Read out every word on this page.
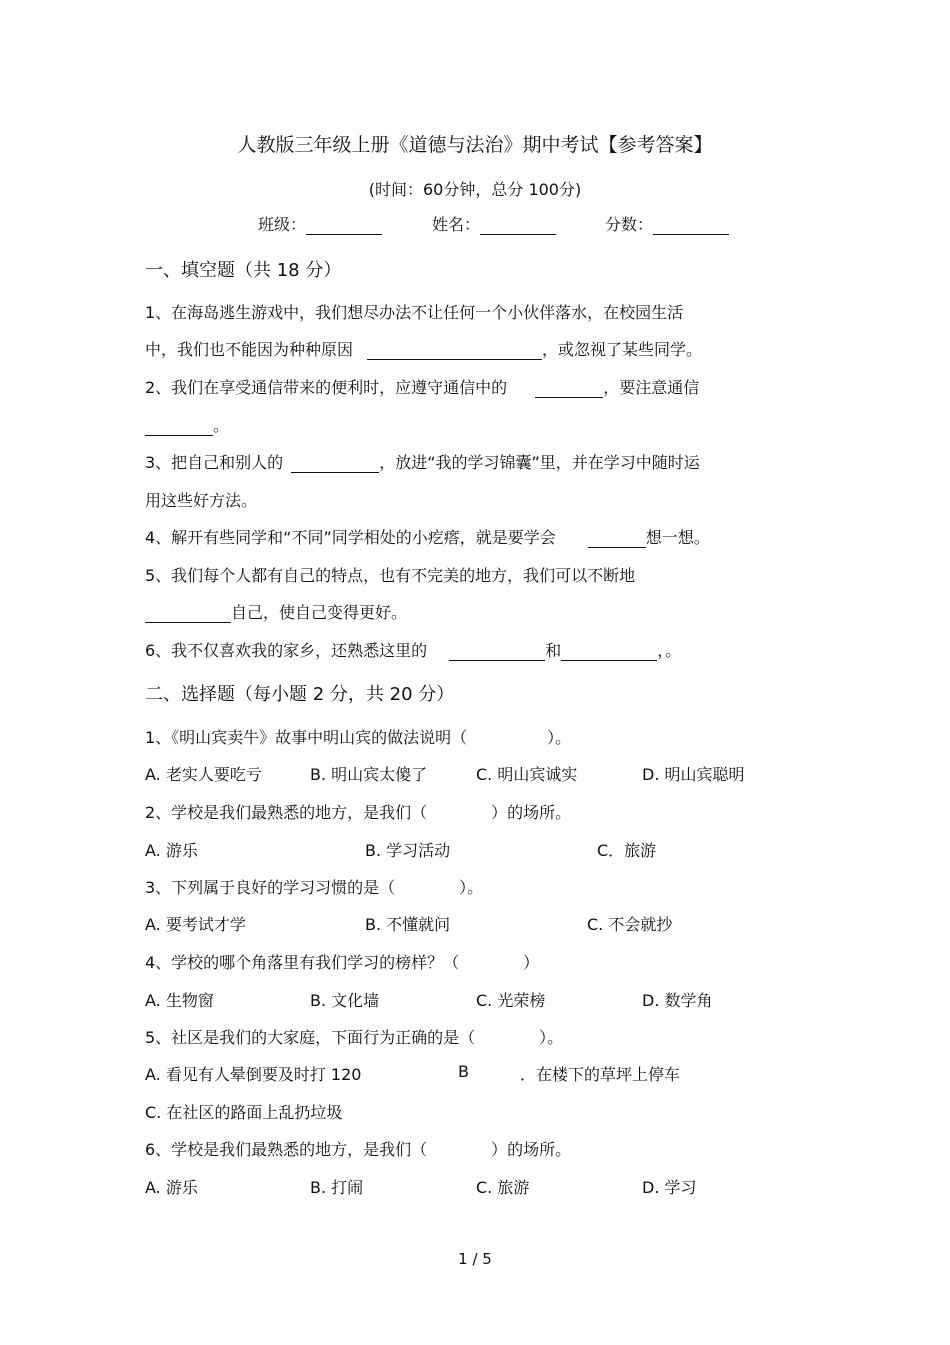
人教版三年级上册《道德与法治》期中考试【参考答案】
(时间：60分钟，总分 100分)
班级：	姓名：	分数：
一、填空题（共 18 分）
1、在海岛逃生游戏中，我们想尽办法不让任何一个小伙伴落水，在校园生活
中，我们也不能因为种种原因	，或忽视了某些同学。
2、我们在享受通信带来的便利时，应遵守通信中的	，要注意通信
。
3、把自己和别人的	，放进“我的学习锦囊”里，并在学习中随时运
用这些好方法。
4、解开有些同学和“不同”同学相处的小疙瘩，就是要学会	想一想。
5、我们每个人都有自己的特点，也有不完美的地方，我们可以不断地
自己，使自己变得更好。
6、我不仅喜欢我的家乡，还熟悉这里的	和	，。
二、选择题（每小题 2 分，共 20 分）
1、《明山宾卖牛》故事中明山宾的做法说明（　　　　　）。
A. 老实人要吃亏	B. 明山宾太傻了	C. 明山宾诚实	D. 明山宾聪明
2、学校是我们最熟悉的地方，是我们（　　　　）的场所。
A. 游乐	B. 学习活动	C．旅游
3、下列属于良好的学习习惯的是（　　　　）。
A. 要考试才学	B. 不懂就问	C. 不会就抄
4、学校的哪个角落里有我们学习的榜样？（　　　　）
A. 生物窗	B. 文化墙	C. 光荣榜	D. 数学角
5、社区是我们的大家庭，下面行为正确的是（　　　　）。
A. 看见有人晕倒要及时打 120	B	．在楼下的草坪上停车
C. 在社区的路面上乱扔垃圾
6、学校是我们最熟悉的地方，是我们（　　　　）的场所。
A. 游乐	B. 打闹	C. 旅游	D. 学习
1 / 5
